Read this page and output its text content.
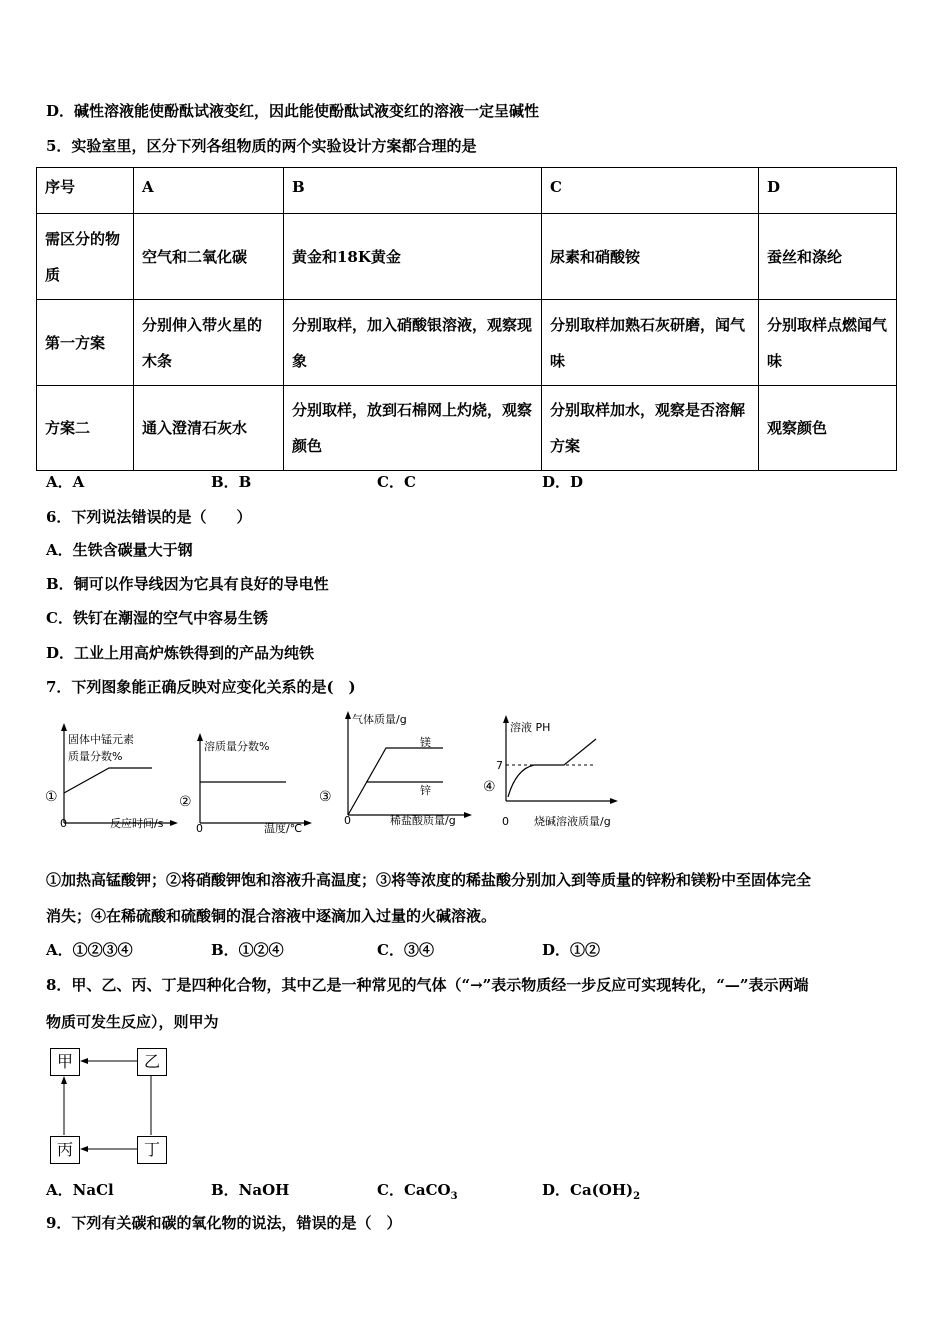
D．碱性溶液能使酚酞试液变红，因此能使酚酞试液变红的溶液一定呈碱性
5．实验室里，区分下列各组物质的两个实验设计方案都合理的是
序号	A	B	C	D
需区分的物质	空气和二氧化碳	黄金和18K黄金	尿素和硝酸铵	蚕丝和涤纶
第一方案	分别伸入带火星的木条	分别取样，加入硝酸银溶液，观察现象	分别取样加熟石灰研磨，闻气味	分别取样点燃闻气味
方案二	通入澄清石灰水	分别取样，放到石棉网上灼烧，观察颜色	分别取样加水，观察是否溶解方案	观察颜色
A．A	B．B	C．C	D．D
6．下列说法错误的是（　　）
A．生铁含碳量大于钢
B．铜可以作导线因为它具有良好的导电性
C．铁钉在潮湿的空气中容易生锈
D．工业上用高炉炼铁得到的产品为纯铁
7．下列图象能正确反映对应变化关系的是(　)
固体中锰元素
质量分数%
①
0	反应时间/s
溶质量分数%
②
0	温度/℃
气体质量/g
镁
锌
③
0	稀盐酸质量/g
溶液 PH
7
④
0 烧碱溶液质量/g
①加热高锰酸钾；②将硝酸钾饱和溶液升高温度；③将等浓度的稀盐酸分别加入到等质量的锌粉和镁粉中至固体完全
消失；④在稀硫酸和硫酸铜的混合溶液中逐滴加入过量的火碱溶液。
A．①②③④	B．①②④	C．③④	D．①②
8．甲、乙、丙、丁是四种化合物，其中乙是一种常见的气体（“→”表示物质经一步反应可实现转化，“—”表示两端
物质可发生反应），则甲为
甲	乙
丙	丁
A．NaCl	B．NaOH	C．CaCO$_3$	D．$Ca(OH)_2$
9．下列有关碳和碳的氧化物的说法，错误的是（　）
